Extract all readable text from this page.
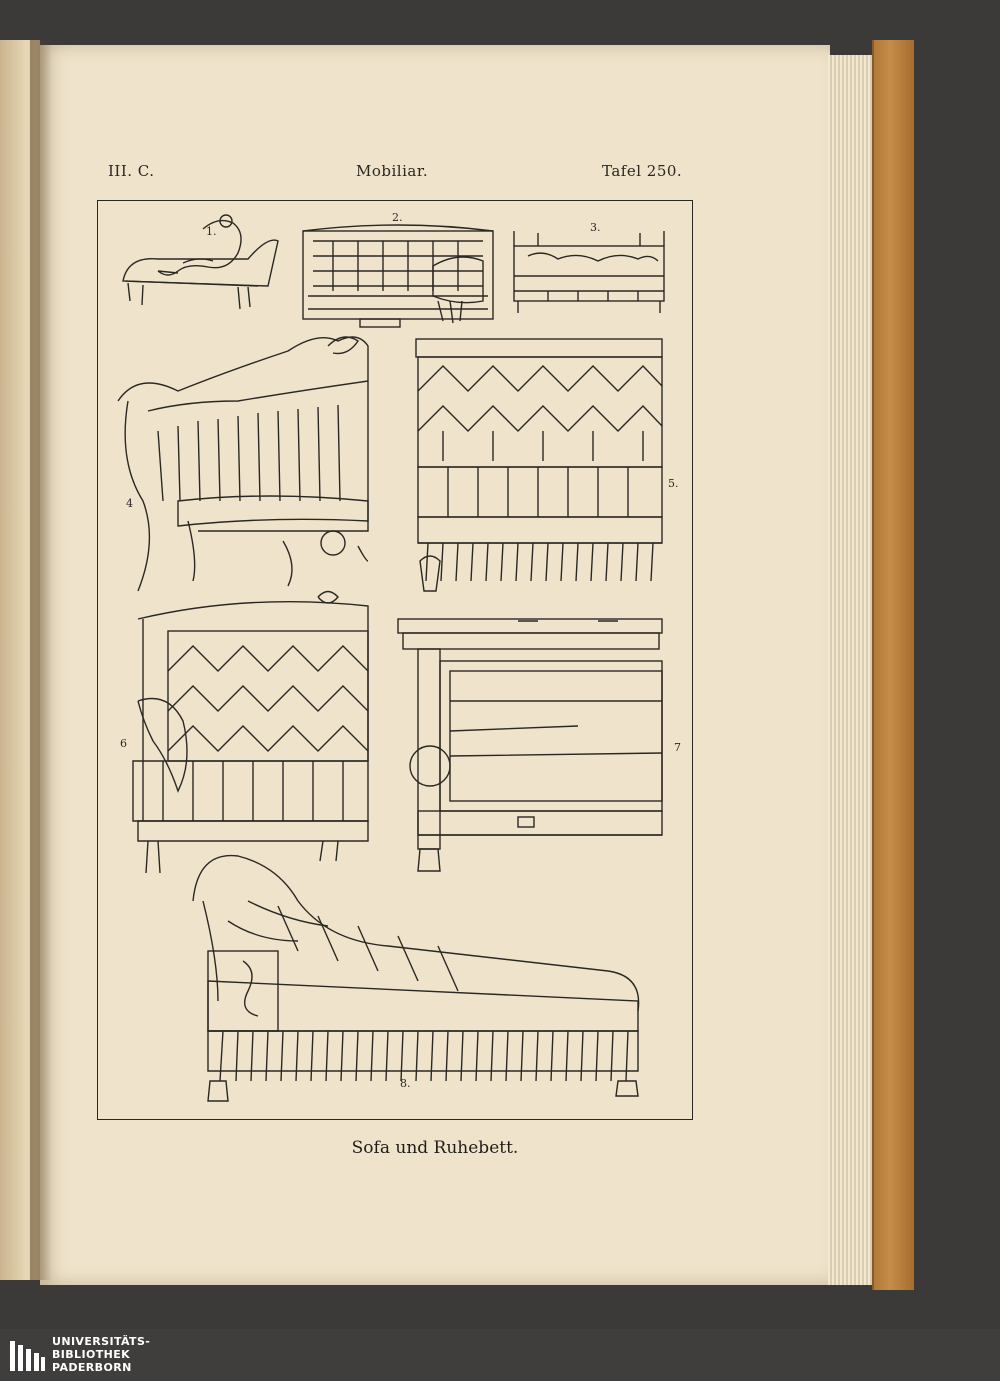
III. C.	Mobiliar.	Tafel 250.
1.
2.
3.
4
5.
6	7
8.
Sofa und Ruhebett.
UNIVERSITÄTS-
BIBLIOTHEK
PADERBORN
